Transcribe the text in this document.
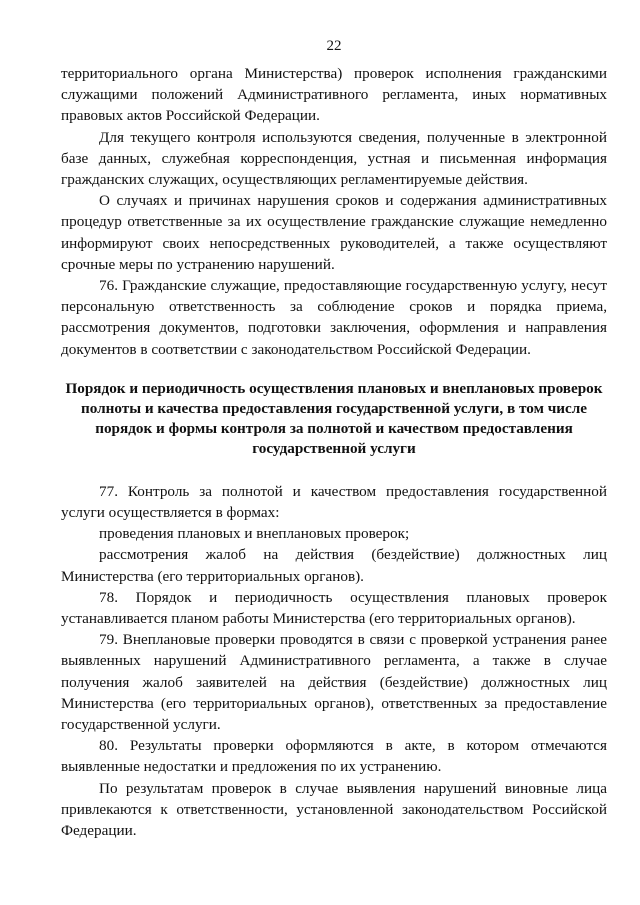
22

территориального органа Министерства) проверок исполнения гражданскими служащими положений Административного регламента, иных нормативных правовых актов Российской Федерации.

Для текущего контроля используются сведения, полученные в электронной базе данных, служебная корреспонденция, устная и письменная информация гражданских служащих, осуществляющих регламентируемые действия.

О случаях и причинах нарушения сроков и содержания административных процедур ответственные за их осуществление гражданские служащие немедленно информируют своих непосредственных руководителей, а также осуществляют срочные меры по устранению нарушений.

76. Гражданские служащие, предоставляющие государственную услугу, несут персональную ответственность за соблюдение сроков и порядка приема, рассмотрения документов, подготовки заключения, оформления и направления документов в соответствии с законодательством Российской Федерации.

Порядок и периодичность осуществления плановых и внеплановых проверок полноты и качества предоставления государственной услуги, в том числе порядок и формы контроля за полнотой и качеством предоставления государственной услуги

77. Контроль за полнотой и качеством предоставления государственной услуги осуществляется в формах:

проведения плановых и внеплановых проверок;

рассмотрения жалоб на действия (бездействие) должностных лиц Министерства (его территориальных органов).

78. Порядок и периодичность осуществления плановых проверок устанавливается планом работы Министерства (его территориальных органов).

79. Внеплановые проверки проводятся в связи с проверкой устранения ранее выявленных нарушений Административного регламента, а также в случае получения жалоб заявителей на действия (бездействие) должностных лиц Министерства (его территориальных органов), ответственных за предоставление государственной услуги.

80. Результаты проверки оформляются в акте, в котором отмечаются выявленные недостатки и предложения по их устранению.

По результатам проверок в случае выявления нарушений виновные лица привлекаются к ответственности, установленной законодательством Российской Федерации.
